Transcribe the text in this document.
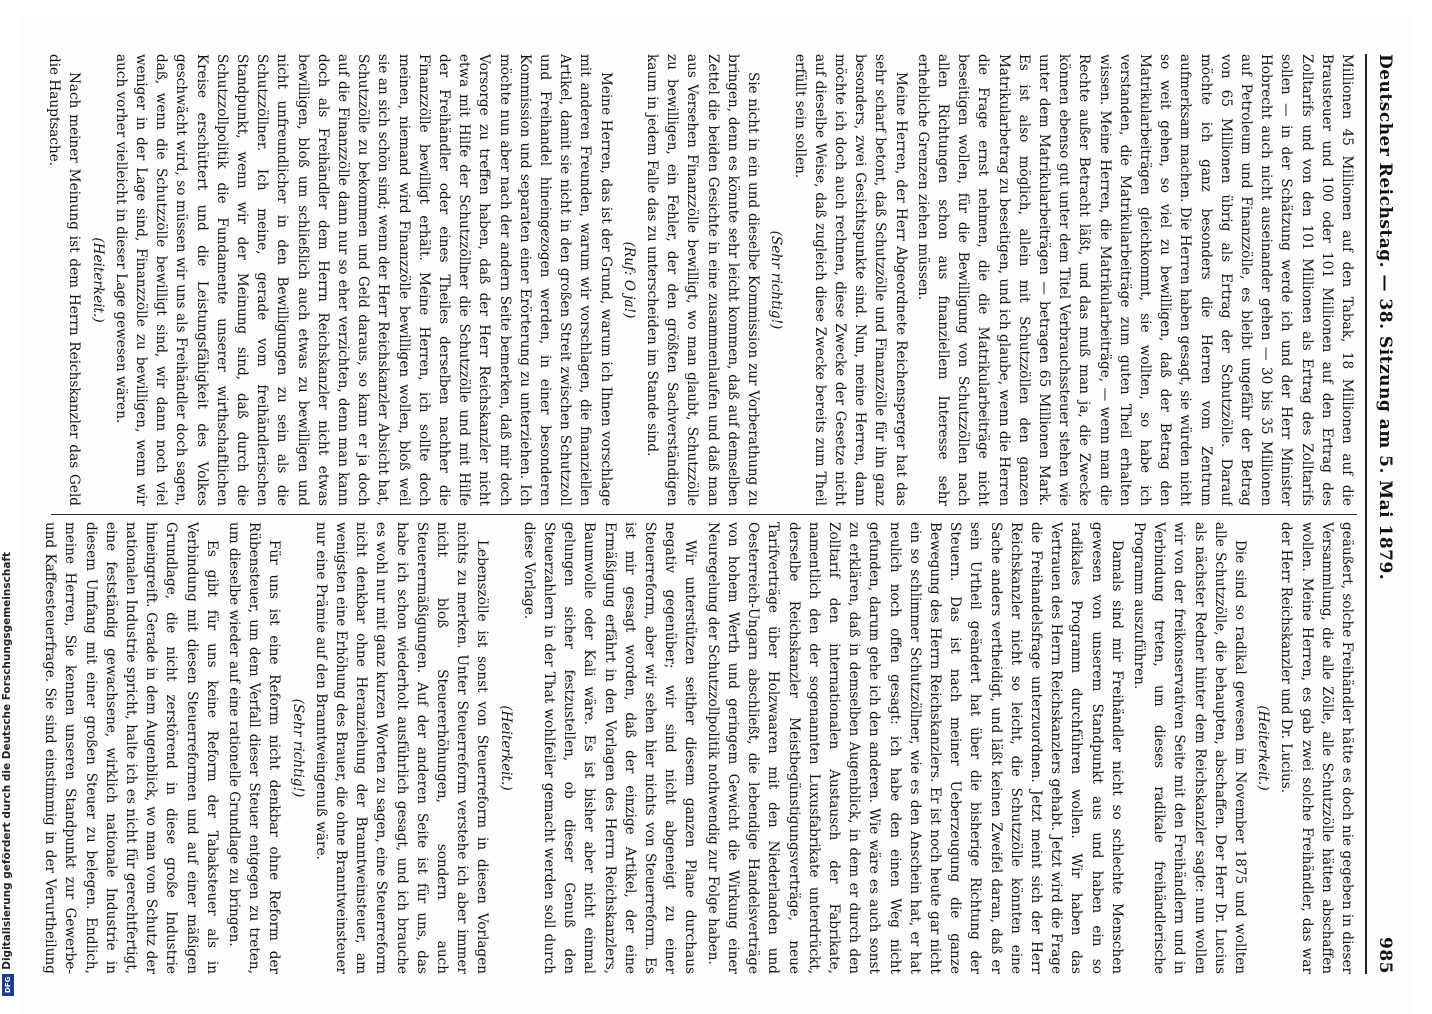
Digitalisierung gefördert durch die Deutsche Forschungsgemeinschaft
DFG
Deutscher Reichstag. — 38. Sitzung am 5. Mai 1879.
985

Millionen 45 Millionen auf den Tabak, 18 Millionen auf die Brausteuer und 100 oder 101 Millionen auf den Ertrag des Zolltarifs und von den 101 Millionen als Ertrag des Zolltarifs sollen — in der Schätzung werde ich und der Herr Minister Hobrecht auch nicht auseinander gehen — 30 bis 35 Millionen auf Petroleum und Finanzzölle, es bleibt ungefähr der Betrag von 65 Millionen übrig als Ertrag der Schutzzölle. Darauf möchte ich ganz besonders die Herren vom Zentrum aufmerksam machen. Die Herren haben gesagt, sie würden nicht so weit gehen, so viel zu bewilligen, daß der Betrag den Matrikularbeiträgen gleichkommt, sie wollten, so habe ich verstanden, die Matrikularbeiträge zum guten Theil erhalten wissen. Meine Herren, die Matrikularbeiträge, — wenn man die Rechte außer Betracht läßt, und das muß man ja, die Zwecke können ebenso gut unter dem Titel Verbrauchssteuer stehen wie unter dem Matrikularbeiträgen — betragen 65 Millionen Mark. Es ist also möglich, allein mit Schutzzöllen den ganzen Matrikularbetrag zu beseitigen, und ich glaube, wenn die Herren die Frage ernst nehmen, die die Matrikularbeiträge nicht beseitigen wollen, für die Bewilligung von Schutzzöllen nach allen Richtungen schon aus finanziellem Interesse sehr erhebliche Grenzen ziehen müssen.

Meine Herren, der Herr Abgeordnete Reichensperger hat das sehr scharf betont, daß Schutzzölle und Finanzzölle für ihn ganz besonders, zwei Gesichtspunkte sind. Nun, meine Herren, dann möchte ich doch auch rechnen, diese Zwecke der Gesetze nicht auf dieselbe Weise, daß zugleich diese Zwecke bereits zum Theil erfüllt sein sollen.

(Sehr richtig!)

Sie nicht in ein und dieselbe Kommission zur Vorberathung zu bringen, denn es könnte sehr leicht kommen, daß auf demselben Zettel die beiden Gesichte in eine zusammenlaufen und daß man aus Versehen Finanzzölle bewilligt, wo man glaubt, Schutzzölle zu bewilligen, ein Fehler, der den größten Sachverständigen kaum in jedem Falle das zu unterscheiden im Stande sind.

(Ruf: O ja!)

Meine Herren, das ist der Grund, warum ich Ihnen vorschlage mit anderen Freunden, warum wir vorschlagen, die finanziellen Artikel, damit sie nicht in den großen Streit zwischen Schutzzoll und Freihandel hineingezogen werden, in einer besonderen Kommission und separaten einer Erörterung zu unterziehen. Ich möchte nun aber nach der andern Seite bemerken, daß mir doch Vorsorge zu treffen haben, daß der Herr Reichskanzler nicht etwa mit Hilfe der Schutzzöllner die Schutzzölle und mit Hilfe der Freihändler oder eines Theiles derselben nachher die Finanzzölle bewilligt erhält. Meine Herren, ich sollte doch meinen, niemand wird Finanzzölle bewilligen wollen, bloß weil sie an sich schön sind; wenn der Herr Reichskanzler Absicht hat, Schutzzölle zu bekommen und Geld daraus, so kann er ja doch auf die Finanzzölle dann nur so eher verzichten, denn man kann doch als Freihändler dem Herrn Reichskanzler nicht etwas bewilligen, bloß um schließlich auch etwas zu bewilligen und nicht unfreundlicher in den Bewilligungen zu sein als die Schutzzöllner. Ich meine, gerade vom freihändlerischen Standpunkt, wenn wir der Meinung sind, daß durch die Schutzzollpolitik die Fundamente unserer wirthschaftlichen Kreise erschüttert und die Leistungsfähigkeit des Volkes geschwächt wird, so müssen wir uns als Freihändler doch sagen, daß, wenn die Schutzzölle bewilligt sind, wir dann noch viel weniger in der Lage sind, Finanzzölle zu bewilligen, wenn wir auch vorher vielleicht in dieser Lage gewesen wären.

(Heiterkeit.)

Nach meiner Meinung ist dem Herrn Reichskanzler das Geld die Hauptsache.

geäußert, solche Freihändler hätte es doch nie gegeben in dieser Versammlung, die alle Zölle, alle Schutzzölle hätten abschaffen wollen. Meine Herren, es gab zwei solche Freihändler, das war der Herr Reichskanzler und Dr. Lucius.

(Heiterkeit.)

Die sind so radikal gewesen im November 1875 und wollten alle Schutzzölle, die behaupten, abschaffen. Der Herr Dr. Lucius als nächster Redner hinter dem Reichskanzler sagte: nun wollen wir von der freikonservativen Seite mit den Freihändlern und in Verbindung treten, um dieses radikale freihändlerische Programm auszuführen.

Damals sind mir Freihändler nicht so schlechte Menschen gewesen von unserem Standpunkt aus und haben ein so radikales Programm durchführen wollen. Wir haben das Vertrauen des Herrn Reichskanzlers gehabt. Jetzt wird die Frage die Freihandelsfrage unterzuordnen. Jetzt meint sich der Herr Reichskanzler nicht so leicht, die Schutzzölle könnten eine Sache anders vertheidigt, und läßt keinen Zweifel daran, daß er sein Urtheil geändert hat über die bisherige Richtung der Steuern. Das ist nach meiner Ueberzeugung die ganze Bewegung des Herrn Reichskanzlers. Er ist noch heute gar nicht ein so schlimmer Schutzzöllner, wie es den Anschein hat, er hat neulich noch offen gesagt: ich habe den einen Weg nicht gefunden, darum gehe ich den anderen. Wie wäre es auch sonst zu erklären, daß in demselben Augenblick, in dem er durch den Zolltarif den internationalen Austausch der Fabrikate, namentlich den der sogenannten Luxusfabrikate unterdrückt, derselbe Reichskanzler Meistbegünstigungsverträge, neue Tarifverträge über Holzwaaren mit den Niederlanden und Oesterreich-Ungarn abschließt, die lebendige Handelsverträge von hohem Werth und geringem Gewicht die Wirkung einer Neuregelung der Schutzzollpolitik nothwendig zur Folge haben.

Wir unterstützen seither diesem ganzen Plane durchaus negativ gegenüber; wir sind nicht abgeneigt zu einer Steuerreform, aber wir sehen hier nichts von Steuerreform. Es ist mir gesagt worden, daß der einzige Artikel, der eine Ermäßigung erfährt in den Vorlagen des Herrn Reichskanzlers, Baumwolle oder Kali wäre. Es ist bisher aber nicht einmal gelungen sicher festzustellen, ob dieser Genuß den Steuerzahlern in der That wohlfeiler gemacht werden soll durch diese Vorlage.

(Heiterkeit.)

Lebenszölle ist sonst von Steuerreform in diesen Vorlagen nichts zu merken. Unter Steuerreform verstehe ich aber immer nicht bloß Steuererhöhungen, sondern auch Steuerermäßigungen. Auf der anderen Seite ist für uns, das habe ich schon wiederholt ausführlich gesagt, und ich brauche es wohl nur mit ganz kurzen Worten zu sagen, eine Steuerreform nicht denkbar ohne Heranziehung der Branntweinsteuer, am wenigsten eine Erhöhung des Brauer, die ohne Branntweinsteuer nur eine Prämie auf den Branntweingenuß wäre.

(Sehr richtig!)

Für uns ist eine Reform nicht denkbar ohne Reform der Rübensteuer, um dem Verfall dieser Steuer entgegen zu treten, um dieselbe wieder auf eine rationelle Grundlage zu bringen.

Es gibt für uns keine Reform der Tabaksteuer als in Verbindung mit diesen Steuerreformen und auf einer mäßigen Grundlage, die nicht zerstörend in diese große Industrie hineingreift. Gerade in dem Augenblick, wo man vom Schutz der nationalen Industrie spricht, halte ich es nicht für gerechtfertigt, eine festständig gewachsene, wirklich nationale Industrie in diesem Umfang mit einer großen Steuer zu belegen. Endlich, meine Herren, Sie kennen unseren Standpunkt zur Gewerbe- und Kaffeesteuerfrage. Sie sind einstimmig in der Verurtheilung
